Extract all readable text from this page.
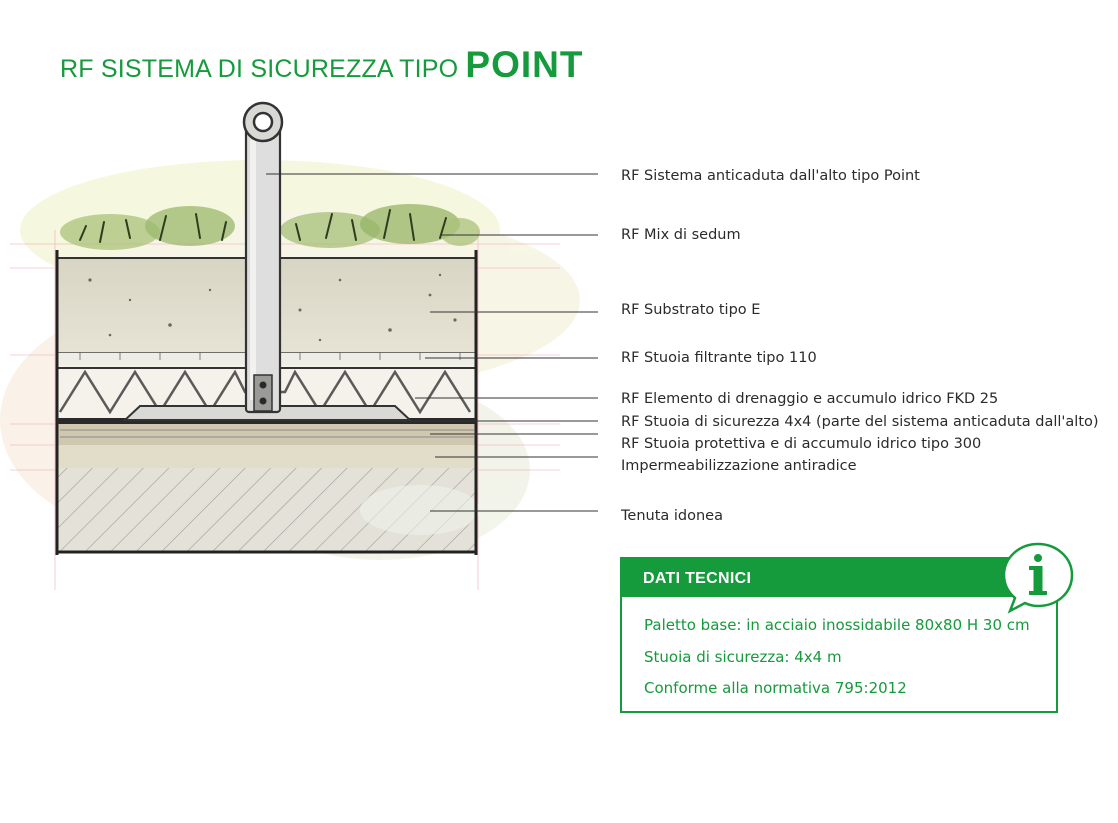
RF SISTEMA DI SICUREZZA TIPO POINT
RF Sistema anticaduta dall'alto tipo Point
RF Mix di sedum
RF Substrato tipo E
RF Stuoia filtrante tipo 110
RF Elemento di drenaggio e accumulo idrico FKD 25
RF Stuoia di sicurezza 4x4 (parte del sistema anticaduta dall'alto)
RF Stuoia protettiva e di accumulo idrico tipo 300
Impermeabilizzazione antiradice
Tenuta idonea
DATI TECNICI
Paletto base: in acciaio inossidabile 80x80 H 30 cm
Stuoia di sicurezza: 4x4 m
Conforme alla normativa 795:2012
